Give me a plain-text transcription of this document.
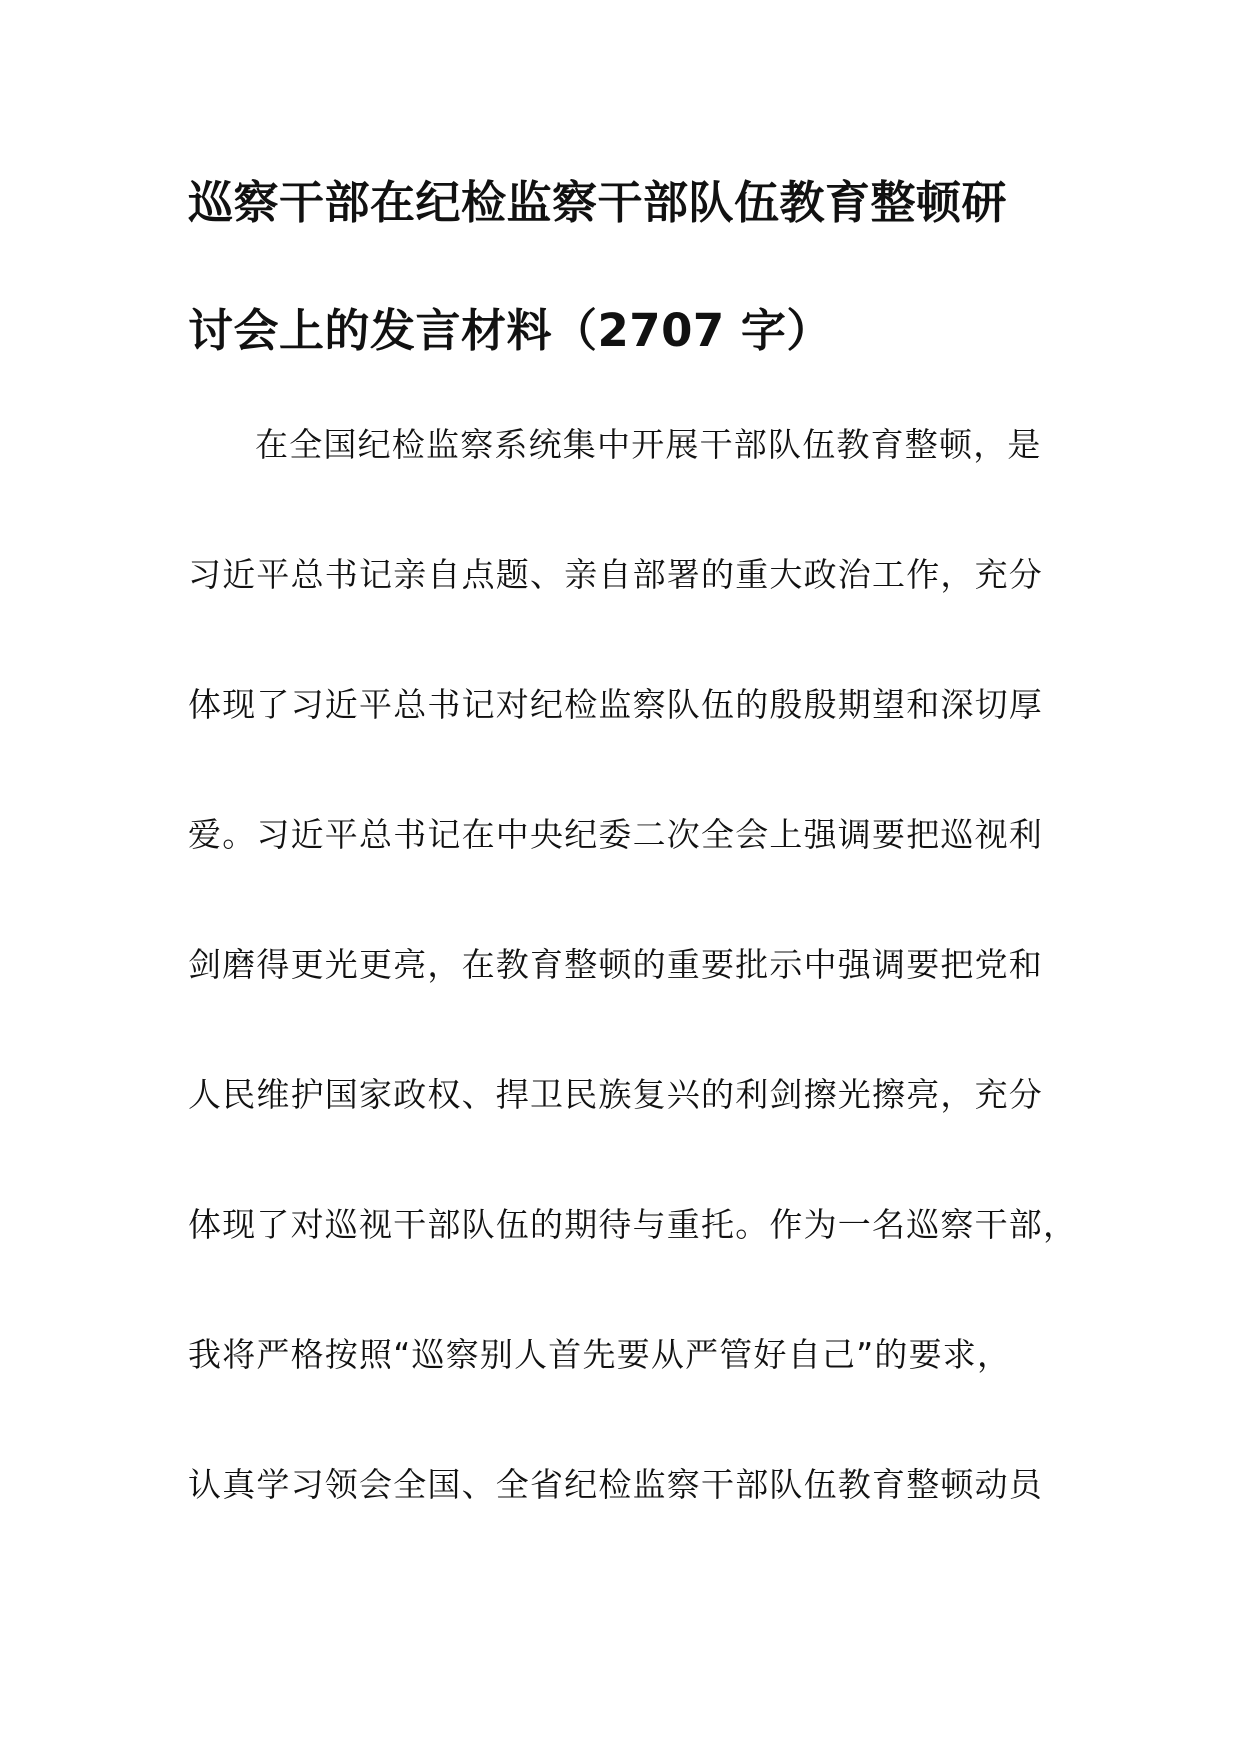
巡察干部在纪检监察干部队伍教育整顿研
讨会上的发言材料（2707 字）
在全国纪检监察系统集中开展干部队伍教育整顿，是
习近平总书记亲自点题、亲自部署的重大政治工作，充分
体现了习近平总书记对纪检监察队伍的殷殷期望和深切厚
爱。习近平总书记在中央纪委二次全会上强调要把巡视利
剑磨得更光更亮，在教育整顿的重要批示中强调要把党和
人民维护国家政权、捍卫民族复兴的利剑擦光擦亮，充分
体现了对巡视干部队伍的期待与重托。作为一名巡察干部，
我将严格按照“巡察别人首先要从严管好自己”的要求，
认真学习领会全国、全省纪检监察干部队伍教育整顿动员
